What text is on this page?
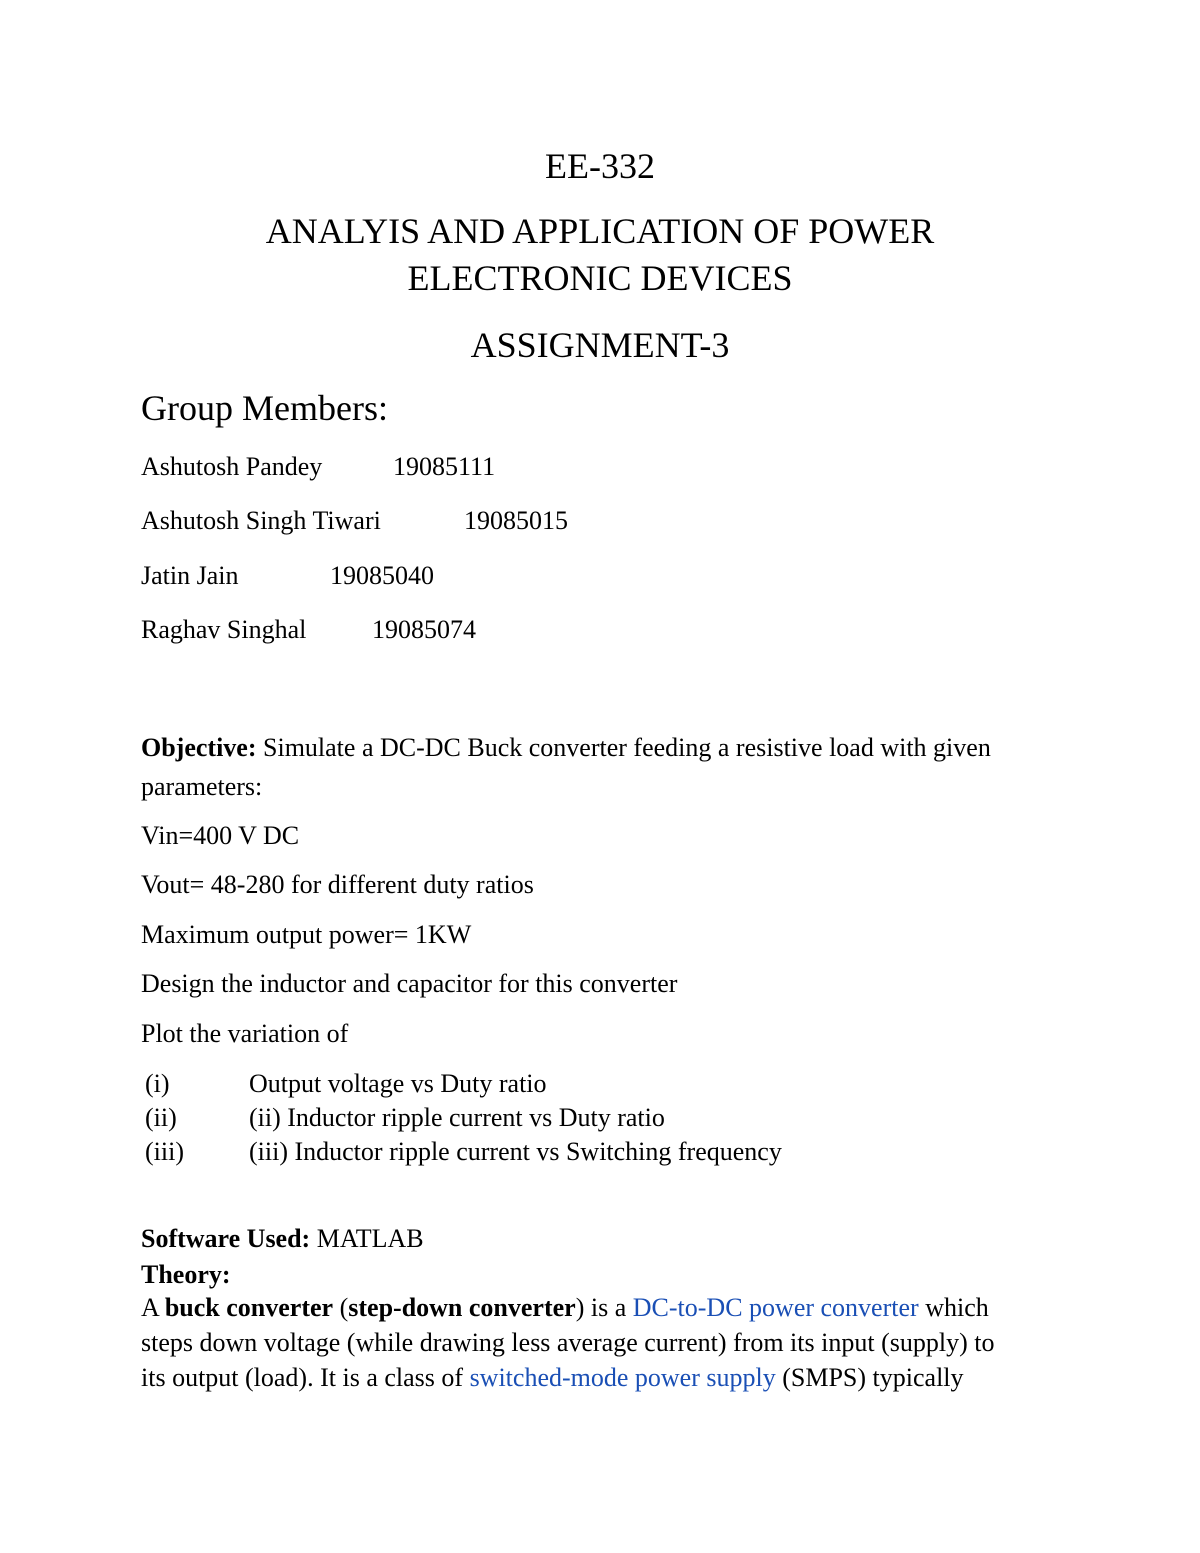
EE-332
ANALYIS AND APPLICATION OF POWER
ELECTRONIC DEVICES
ASSIGNMENT-3
Group Members:
Ashutosh Pandey	19085111
Ashutosh Singh Tiwari	19085015
Jatin Jain	19085040
Raghav Singhal	19085074
Objective: Simulate a DC-DC Buck converter feeding a resistive load with given
parameters:
Vin=400 V DC
Vout= 48-280 for different duty ratios
Maximum output power= 1KW
Design the inductor and capacitor for this converter
Plot the variation of
(i)	Output voltage vs Duty ratio
(ii)	(ii) Inductor ripple current vs Duty ratio
(iii)	(iii) Inductor ripple current vs Switching frequency
Software Used: MATLAB
Theory:
A buck converter (step-down converter) is a DC-to-DC power converter which
steps down voltage (while drawing less average current) from its input (supply) to
its output (load). It is a class of switched-mode power supply (SMPS) typically
